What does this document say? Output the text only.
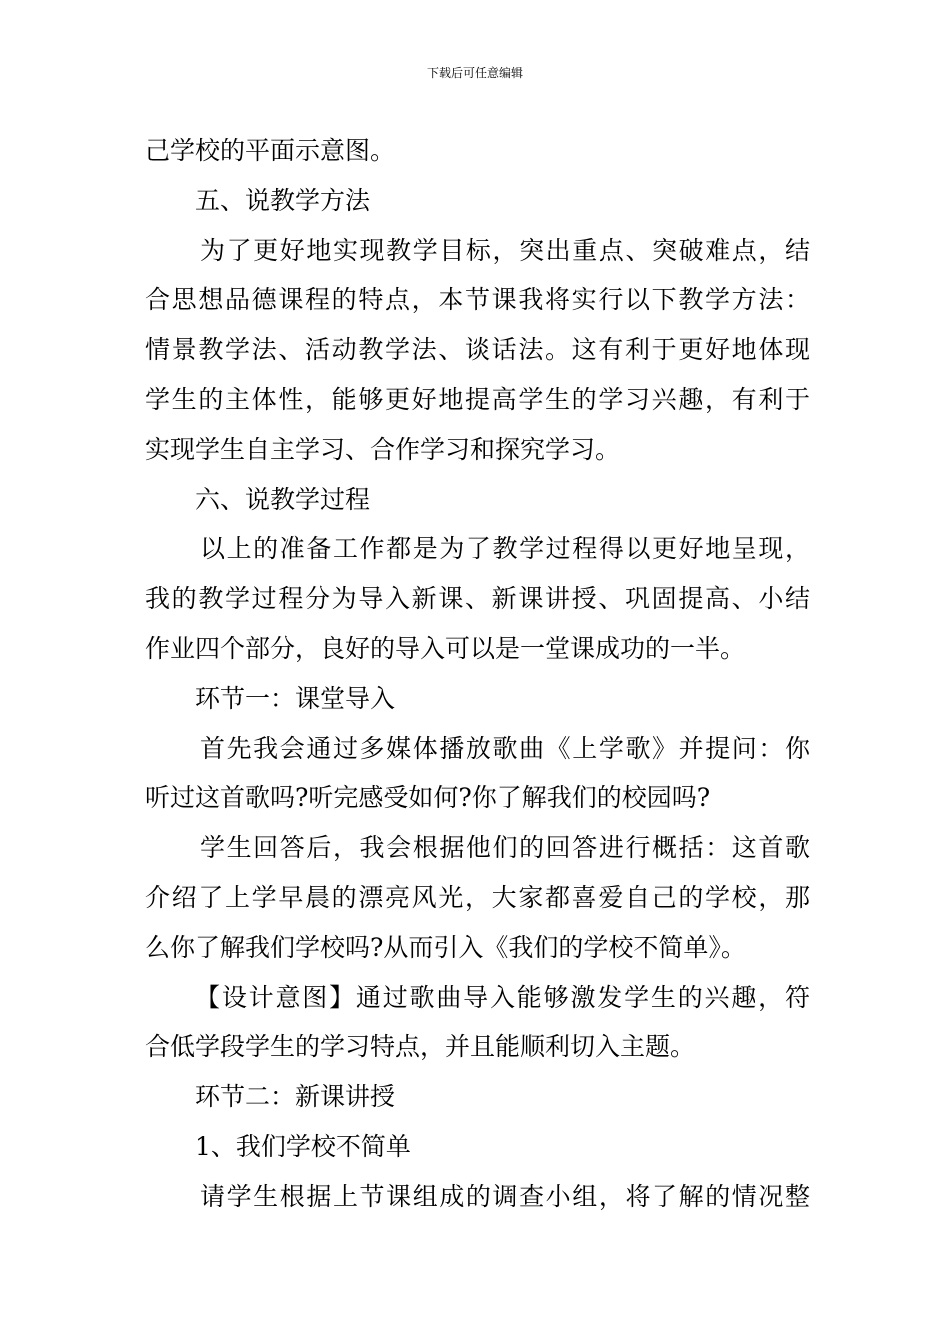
下载后可任意编辑
己学校的平面示意图。
五、说教学方法
为了更好地实现教学目标，突出重点、突破难点，结
合思想品德课程的特点，本节课我将实行以下教学方法：
情景教学法、活动教学法、谈话法。这有利于更好地体现
学生的主体性，能够更好地提高学生的学习兴趣，有利于
实现学生自主学习、合作学习和探究学习。
六、说教学过程
以上的准备工作都是为了教学过程得以更好地呈现，
我的教学过程分为导入新课、新课讲授、巩固提高、小结
作业四个部分，良好的导入可以是一堂课成功的一半。
环节一：课堂导入
首先我会通过多媒体播放歌曲《上学歌》并提问：你
听过这首歌吗?听完感受如何?你了解我们的校园吗?
学生回答后，我会根据他们的回答进行概括：这首歌
介绍了上学早晨的漂亮风光，大家都喜爱自己的学校，那
么你了解我们学校吗?从而引入《我们的学校不简单》。
【设计意图】通过歌曲导入能够激发学生的兴趣，符
合低学段学生的学习特点，并且能顺利切入主题。
环节二：新课讲授
1、我们学校不简单
请学生根据上节课组成的调查小组，将了解的情况整
